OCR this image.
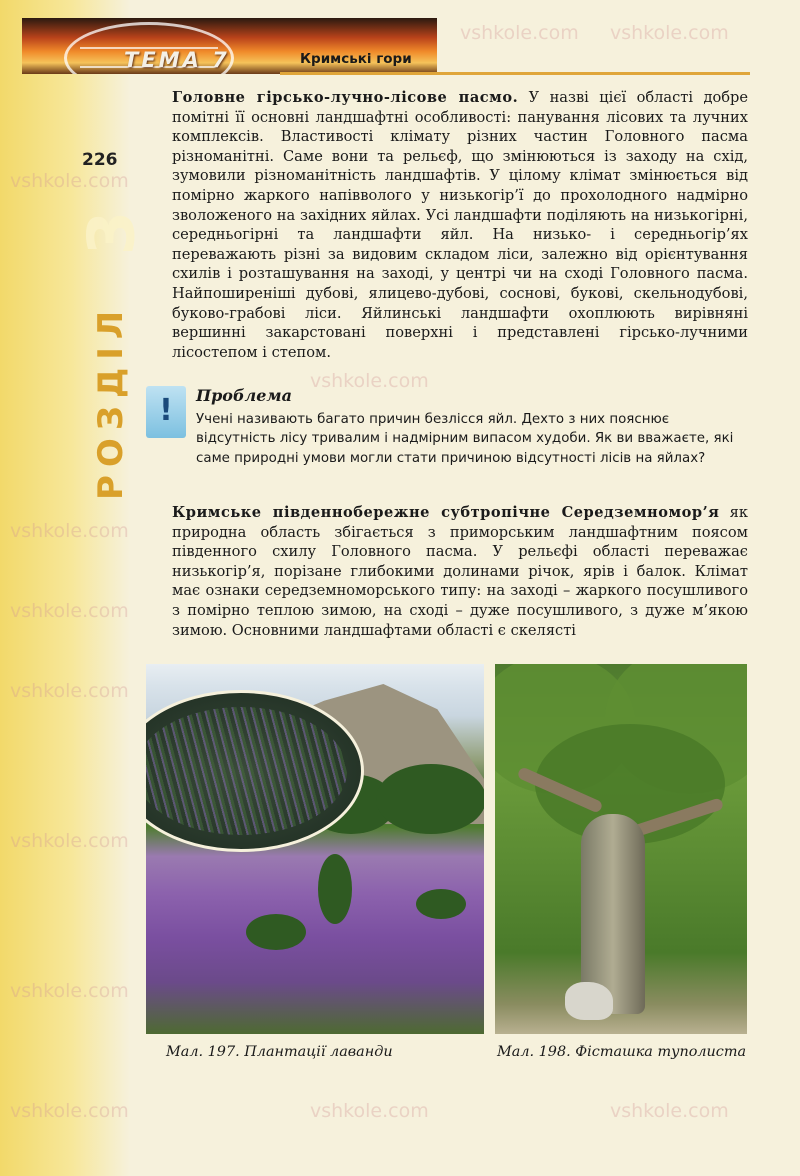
ТЕМА 7	Кримські гори
226
3
РОЗДІЛ
Головне гірсько-лучно-лісове пасмо. У назві цієї області добре помітні її основні ландшафтні особливості: панування лісових та лучних комплексів. Властивості клімату різних частин Головного пасма різноманітні. Саме вони та рельєф, що змінюються із заходу на схід, зумовили різноманітність ландшафтів. У цілому клімат змінюється від помірно жаркого напівволого у низькогір’ї до прохолодного надмірно зволоженого на західних яйлах. Усі ландшафти поділяють на низькогірні, середньогірні та ландшафти яйл. На низько- і середньогір’ях переважають різні за видовим складом ліси, залежно від орієнтування схилів і розташування на заході, у центрі чи на сході Головного пасма. Найпоширеніші дубові, ялицево-дубові, соснові, букові, скельнодубові, буково-грабові ліси. Яйлинські ландшафти охоплюють вирівняні вершинні закарстовані поверхні і представлені гірсько-лучними лісостепом і степом.
!	Проблема
Учені називають багато причин безлісся яйл. Дехто з них пояснює відсутність лісу тривалим і надмірним випасом худоби. Як ви вважаєте, які саме природні умови могли стати причиною відсутності лісів на яйлах?
Кримське південнобережне субтропічне Середземномор’я як природна область збігається з приморським ландшафтним поясом південного схилу Головного пасма. У рельєфі області переважає низькогір’я, порізане глибокими долинами річок, ярів і балок. Клімат має ознаки середземноморського типу: на заході – жаркого посушливого з помірно теплою зимою, на сході – дуже посушливого, з дуже м’якою зимою. Основними ландшафтами області є скелясті
Мал. 197. Плантації лаванди	Мал. 198. Фісташка туполиста
vshkole.com vshkole.com
vshkole.com
vshkole.com
vshkole.com
vshkole.com
vshkole.com
vshkole.com
vshkole.com
vshkole.com	vshkole.com	vshkole.com
